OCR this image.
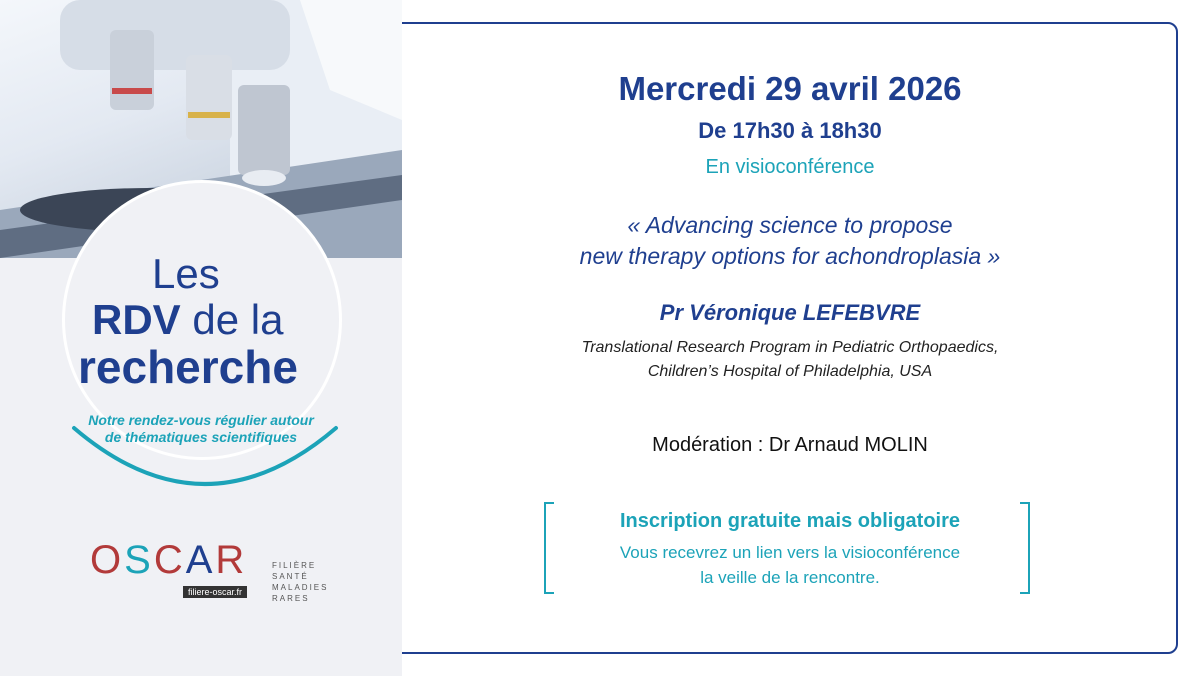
Les
RDV de la
recherche
Notre rendez-vous régulier autour de thématiques scientifiques
OSCAR
filiere-oscar.fr
FILIÈRE
SANTÉ
MALADIES
RARES
Mercredi 29 avril 2026
De 17h30 à 18h30
En visioconférence
« Advancing science to propose
new therapy options for achondroplasia »
Pr Véronique LEFEBVRE
Translational Research Program in Pediatric Orthopaedics,
Children’s Hospital of Philadelphia, USA
Modération : Dr Arnaud MOLIN
Inscription gratuite mais obligatoire
Vous recevrez un lien vers la visioconférence
la veille de la rencontre.
